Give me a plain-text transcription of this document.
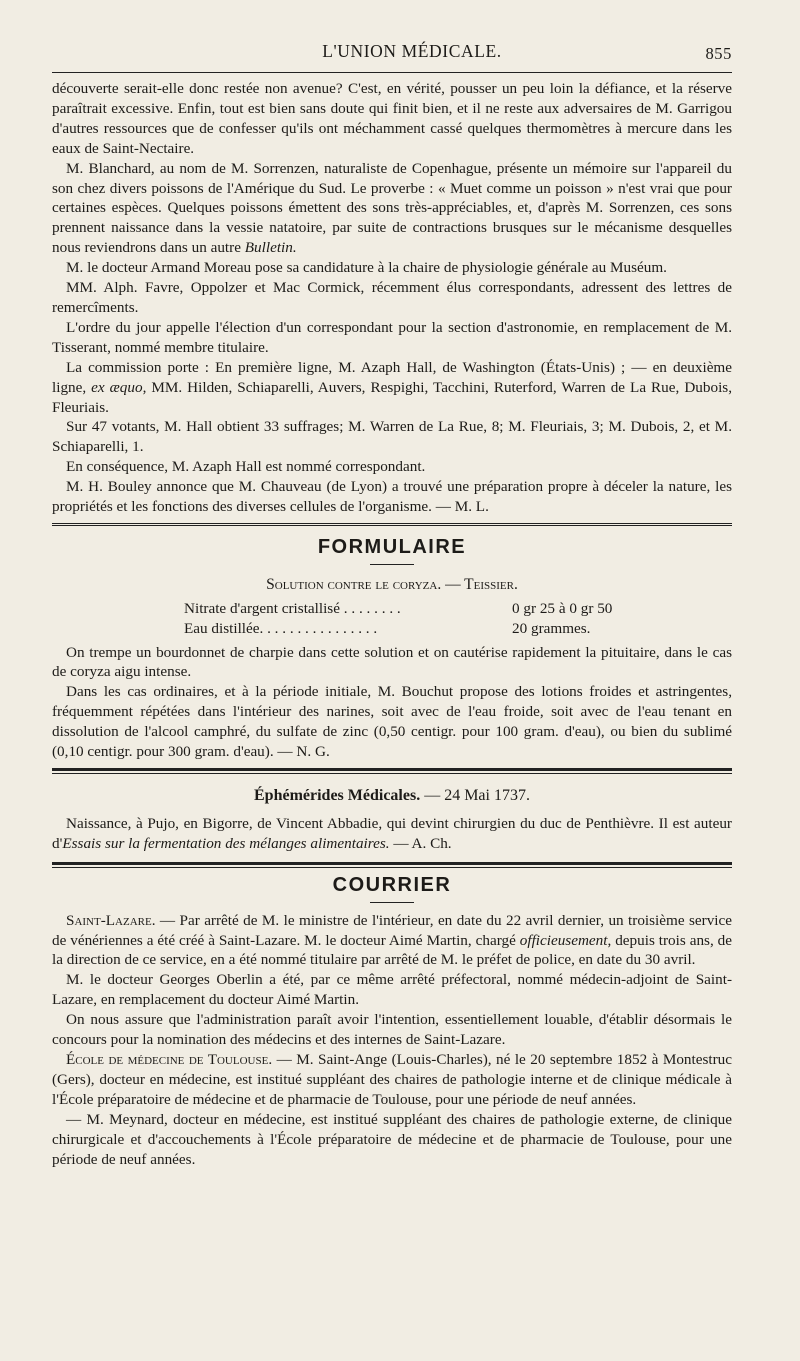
L'UNION MÉDICALE.	855

découverte serait-elle donc restée non avenue? C'est, en vérité, pousser un peu loin la défiance, et la réserve paraîtrait excessive. Enfin, tout est bien sans doute qui finit bien, et il ne reste aux adversaires de M. Garrigou d'autres ressources que de confesser qu'ils ont méchamment cassé quelques thermomètres à mercure dans les eaux de Saint-Nectaire.

M. Blanchard, au nom de M. Sorrenzen, naturaliste de Copenhague, présente un mémoire sur l'appareil du son chez divers poissons de l'Amérique du Sud. Le proverbe : « Muet comme un poisson » n'est vrai que pour certaines espèces. Quelques poissons émettent des sons très-appréciables, et, d'après M. Sorrenzen, ces sons prennent naissance dans la vessie natatoire, par suite de contractions brusques sur le mécanisme desquelles nous reviendrons dans un autre Bulletin.

M. le docteur Armand Moreau pose sa candidature à la chaire de physiologie générale au Muséum.

MM. Alph. Favre, Oppolzer et Mac Cormick, récemment élus correspondants, adressent des lettres de remercîments.

L'ordre du jour appelle l'élection d'un correspondant pour la section d'astronomie, en remplacement de M. Tisserant, nommé membre titulaire.

La commission porte : En première ligne, M. Azaph Hall, de Washington (États-Unis) ; — en deuxième ligne, ex æquo, MM. Hilden, Schiaparelli, Auvers, Respighi, Tacchini, Ruterford, Warren de La Rue, Dubois, Fleuriais.

Sur 47 votants, M. Hall obtient 33 suffrages; M. Warren de La Rue, 8; M. Fleuriais, 3; M. Dubois, 2, et M. Schiaparelli, 1.

En conséquence, M. Azaph Hall est nommé correspondant.

M. H. Bouley annonce que M. Chauveau (de Lyon) a trouvé une préparation propre à déceler la nature, les propriétés et les fonctions des diverses cellules de l'organisme. — M. L.

FORMULAIRE
Solution contre le coryza. — Teissier.
Nitrate d'argent cristallisé . . . . . . . .	0 gr 25 à 0 gr 50
Eau distillée. . . . . . . . . . . . . . . .	20 grammes.

On trempe un bourdonnet de charpie dans cette solution et on cautérise rapidement la pituitaire, dans le cas de coryza aigu intense.

Dans les cas ordinaires, et à la période initiale, M. Bouchut propose des lotions froides et astringentes, fréquemment répétées dans l'intérieur des narines, soit avec de l'eau froide, soit avec de l'eau tenant en dissolution de l'alcool camphré, du sulfate de zinc (0,50 centigr. pour 100 gram. d'eau), ou bien du sublimé (0,10 centigr. pour 300 gram. d'eau). — N. G.

Éphémérides Médicales. — 24 Mai 1737.

Naissance, à Pujo, en Bigorre, de Vincent Abbadie, qui devint chirurgien du duc de Penthièvre. Il est auteur d'Essais sur la fermentation des mélanges alimentaires. — A. Ch.

COURRIER

Saint-Lazare. — Par arrêté de M. le ministre de l'intérieur, en date du 22 avril dernier, un troisième service de vénériennes a été créé à Saint-Lazare. M. le docteur Aimé Martin, chargé officieusement, depuis trois ans, de la direction de ce service, en a été nommé titulaire par arrêté de M. le préfet de police, en date du 30 avril.

M. le docteur Georges Oberlin a été, par ce même arrêté préfectoral, nommé médecin-adjoint de Saint-Lazare, en remplacement du docteur Aimé Martin.

On nous assure que l'administration paraît avoir l'intention, essentiellement louable, d'établir désormais le concours pour la nomination des médecins et des internes de Saint-Lazare.

École de médecine de Toulouse. — M. Saint-Ange (Louis-Charles), né le 20 septembre 1852 à Montestruc (Gers), docteur en médecine, est institué suppléant des chaires de pathologie interne et de clinique médicale à l'École préparatoire de médecine et de pharmacie de Toulouse, pour une période de neuf années.

— M. Meynard, docteur en médecine, est institué suppléant des chaires de pathologie externe, de clinique chirurgicale et d'accouchements à l'École préparatoire de médecine et de pharmacie de Toulouse, pour une période de neuf années.
